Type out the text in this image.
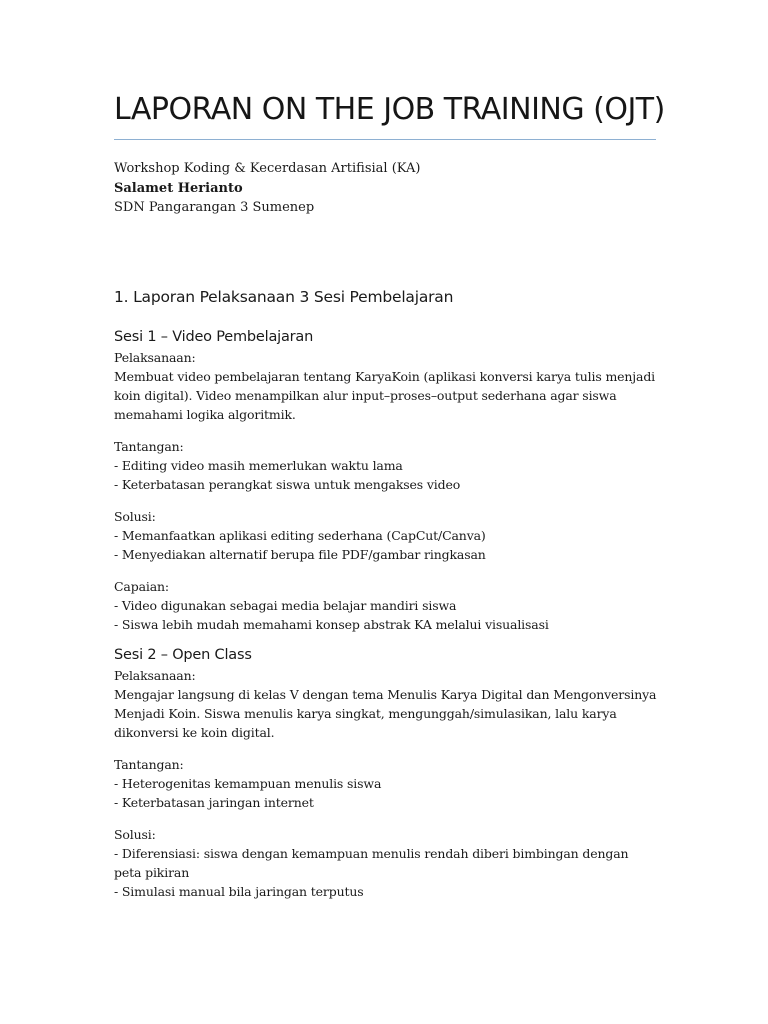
LAPORAN ON THE JOB TRAINING (OJT)
Workshop Koding & Kecerdasan Artifisial (KA)
Salamet Herianto
SDN Pangarangan 3 Sumenep
1. Laporan Pelaksanaan 3 Sesi Pembelajaran
Sesi 1 – Video Pembelajaran
Pelaksanaan:
Membuat video pembelajaran tentang KaryaKoin (aplikasi konversi karya tulis menjadi koin digital). Video menampilkan alur input–proses–output sederhana agar siswa memahami logika algoritmik.
Tantangan:
- Editing video masih memerlukan waktu lama
- Keterbatasan perangkat siswa untuk mengakses video
Solusi:
- Memanfaatkan aplikasi editing sederhana (CapCut/Canva)
- Menyediakan alternatif berupa file PDF/gambar ringkasan
Capaian:
- Video digunakan sebagai media belajar mandiri siswa
- Siswa lebih mudah memahami konsep abstrak KA melalui visualisasi
Sesi 2 – Open Class
Pelaksanaan:
Mengajar langsung di kelas V dengan tema Menulis Karya Digital dan Mengonversinya Menjadi Koin. Siswa menulis karya singkat, mengunggah/simulasikan, lalu karya dikonversi ke koin digital.
Tantangan:
- Heterogenitas kemampuan menulis siswa
- Keterbatasan jaringan internet
Solusi:
- Diferensiasi: siswa dengan kemampuan menulis rendah diberi bimbingan dengan peta pikiran
- Simulasi manual bila jaringan terputus
